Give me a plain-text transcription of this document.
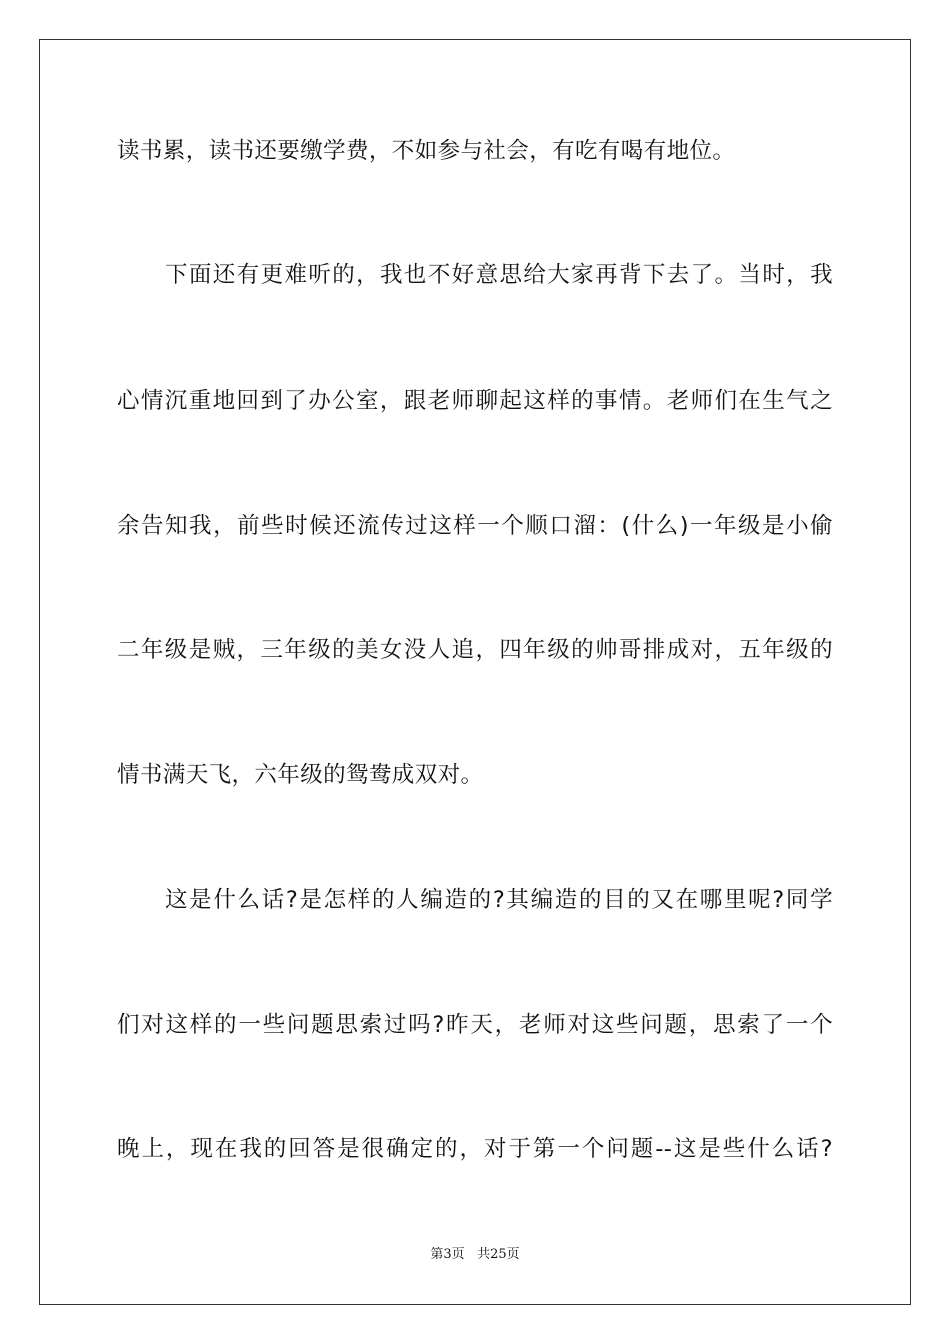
读书累，读书还要缴学费，不如参与社会，有吃有喝有地位。
下面还有更难听的，我也不好意思给大家再背下去了。当时，我
心情沉重地回到了办公室，跟老师聊起这样的事情。老师们在生气之
余告知我，前些时候还流传过这样一个顺口溜：(什么)一年级是小偷
二年级是贼，三年级的美女没人追，四年级的帅哥排成对，五年级的
情书满天飞，六年级的鸳鸯成双对。
这是什么话?是怎样的人编造的?其编造的目的又在哪里呢?同学
们对这样的一些问题思索过吗?昨天，老师对这些问题，思索了一个
晚上，现在我的回答是很确定的，对于第一个问题--这是些什么话?
第3页 共25页
